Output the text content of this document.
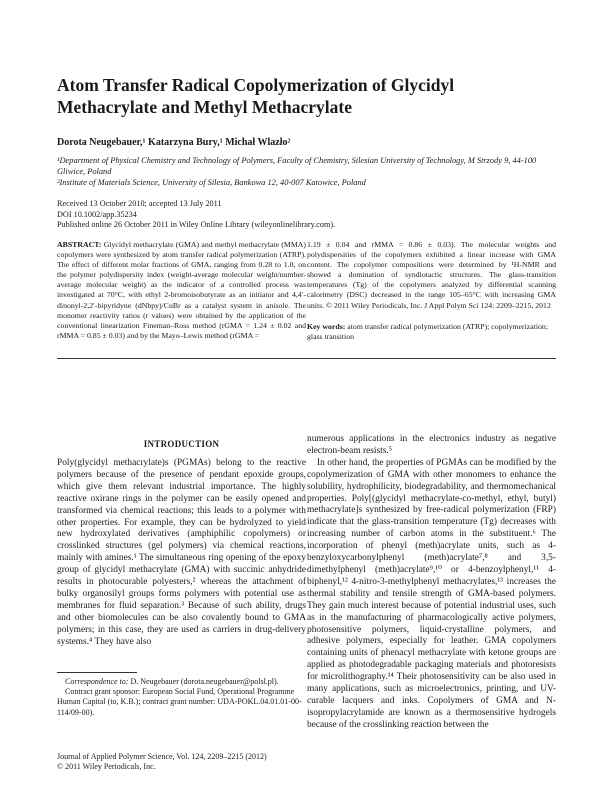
Atom Transfer Radical Copolymerization of Glycidyl Methacrylate and Methyl Methacrylate
Dorota Neugebauer,¹ Katarzyna Bury,¹ Michał Wlazło²
¹Department of Physical Chemistry and Technology of Polymers, Faculty of Chemistry, Silesian University of Technology, M Strzody 9, 44-100 Gliwice, Poland
²Institute of Materials Science, University of Silesia, Bankowa 12, 40-007 Katowice, Poland
Received 13 October 2010; accepted 13 July 2011
DOI 10.1002/app.35234
Published online 26 October 2011 in Wiley Online Library (wileyonlinelibrary.com).

ABSTRACT: Glycidyl methacrylate (GMA) and methyl methacrylate (MMA) copolymers were synthesized by atom transfer radical polymerization (ATRP). The effect of different molar fractions of GMA, ranging from 0.28 to 1.0, on the polymer polydispersity index (weight-average molecular weight/number-average molecular weight) as the indicator of a controlled process was investigated at 70°C, with ethyl 2-bromoisobutyrate as an initiator and 4,4′-dinonyl-2,2′-bipyridyne (dNbpy)/CuBr as a catalyst system in anisole. The monomer reactivity ratios (r values) were obtained by the application of the conventional linearization Fineman–Ross method (rGMA = 1.24 ± 0.02 and rMMA = 0.85 ± 0.03) and by the Mayo–Lewis method (rGMA =

1.19 ± 0.04 and rMMA = 0.86 ± 0.03). The molecular weights and polydispersities of the copolymers exhibited a linear increase with GMA content. The copolymer compositions were determined by ¹H-NMR and showed a domination of syndiotactic structures. The glass-transition temperatures (Tg) of the copolymers analyzed by differential scanning calorimetry (DSC) decreased in the range 105–65°C with increasing GMA units. © 2011 Wiley Periodicals, Inc. J Appl Polym Sci 124: 2209–2215, 2012

Key words: atom transfer radical polymerization (ATRP); copolymerization; glass transition

INTRODUCTION

Poly(glycidyl methacrylate)s (PGMAs) belong to the reactive polymers because of the presence of pendant epoxide groups, which give them relevant industrial importance. The highly reactive oxirane rings in the polymer can be easily opened and transformed via chemical reactions; this leads to a polymer with other properties. For example, they can be hydrolyzed to yield new hydroxylated derivatives (amphiphilic copolymers) or crosslinked structures (gel polymers) via chemical reactions, mainly with amines.¹ The simultaneous ring opening of the epoxy group of glycidyl methacrylate (GMA) with succinic anhydride results in photocurable polyesters,² whereas the attachment of bulky organosilyl groups forms polymers with potential use as membranes for fluid separation.³ Because of such ability, drugs and other biomolecules can be also covalently bound to GMA polymers; in this case, they are used as carriers in drug-delivery systems.⁴ They have also

Correspondence to: D. Neugebauer (dorota.neugebauer@polsl.pl).

Contract grant sponsor: European Social Fund, Operational Programme Human Capital (to, K.B.); contract grant number: UDA-POKL.04.01.01-00-114/09-00).

Journal of Applied Polymer Science, Vol. 124, 2209–2215 (2012)

© 2011 Wiley Periodicals, Inc.

numerous applications in the electronics industry as negative electron-beam resists.⁵

In other hand, the properties of PGMAs can be modified by the copolymerization of GMA with other monomers to enhance the solubility, hydrophilicity, biodegradability, and thermomechanical properties. Poly[(glycidyl methacrylate-co-methyl, ethyl, butyl) methacrylate]s synthesized by free-radical polymerization (FRP) indicate that the glass-transition temperature (Tg) decreases with increasing number of carbon atoms in the substituent.⁶ The incorporation of phenyl (meth)acrylate units, such as 4-benzyloxycarbonylphenyl (meth)acrylate⁷,⁸ and 3,5-dimethylphenyl (meth)acrylate⁹,¹⁰ or 4-benzoylphenyl,¹¹ 4-biphenyl,¹² 4-nitro-3-methylphenyl methacrylates,¹³ increases the thermal stability and tensile strength of GMA-based polymers. They gain much interest because of potential industrial uses, such as in the manufacturing of pharmacologically active polymers, photosensitive polymers, liquid-crystalline polymers, and adhesive polymers, especially for leather. GMA copolymers containing units of phenacyl methacrylate with ketone groups are applied as photodegradable packaging materials and photoresists for microlithography.¹⁴ Their photosensitivity can be also used in many applications, such as microelectronics, printing, and UV-curable lacquers and inks. Copolymers of GMA and N-isopropylacrylamide are known as a thermosensitive hydrogels because of the crosslinking reaction between the
